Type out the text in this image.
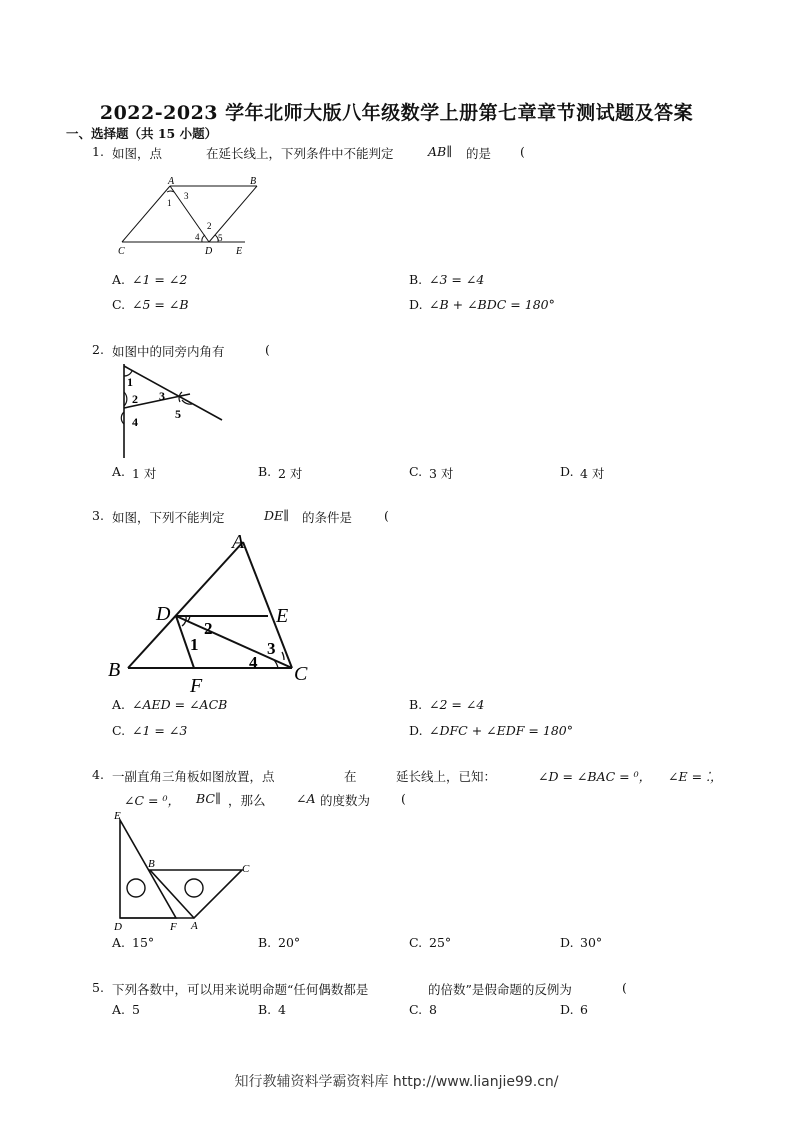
2022-2023 学年北师大版八年级数学上册第七章章节测试题及答案
一、选择题（共 15 小题）
1. 如图，点	在延长线上，下列条件中不能判定	AB∥ 的是 (
A	B
C	D E
1
3
2
4 5
A. ∠1 = ∠2	B. ∠3 = ∠4
C. ∠5 = ∠B	D. ∠B + ∠BDC = 180°
2. 如图中的同旁内角有	(
1
2 3
4
5
A. 1 对	B. 2 对	C. 3 对	D. 4 对
3. 如图，下列不能判定	DE∥ 的条件是	(
A
B	C
D	E
F
1
2
3
4
A. ∠AED = ∠ACB	B. ∠2 = ∠4
C. ∠1 = ∠3	D. ∠DFC + ∠EDF = 180°
4. 一副直角三角板如图放置，点	在	延长线上，已知：	∠D = ∠BAC = ⁰， ∠E = ⁚，
∠C = ⁰， BC∥ ，那么 ∠A 的度数为 (
E
B	C
D	F A
A. 15°	B. 20°	C. 25°	D. 30°
5. 下列各数中，可以用来说明命题“任何偶数都是	的倍数”是假命题的反例为	(
A. 5	B. 4	C. 8	D. 6
知行教辅资料学霸资料库 http://www.lianjie99.cn/
